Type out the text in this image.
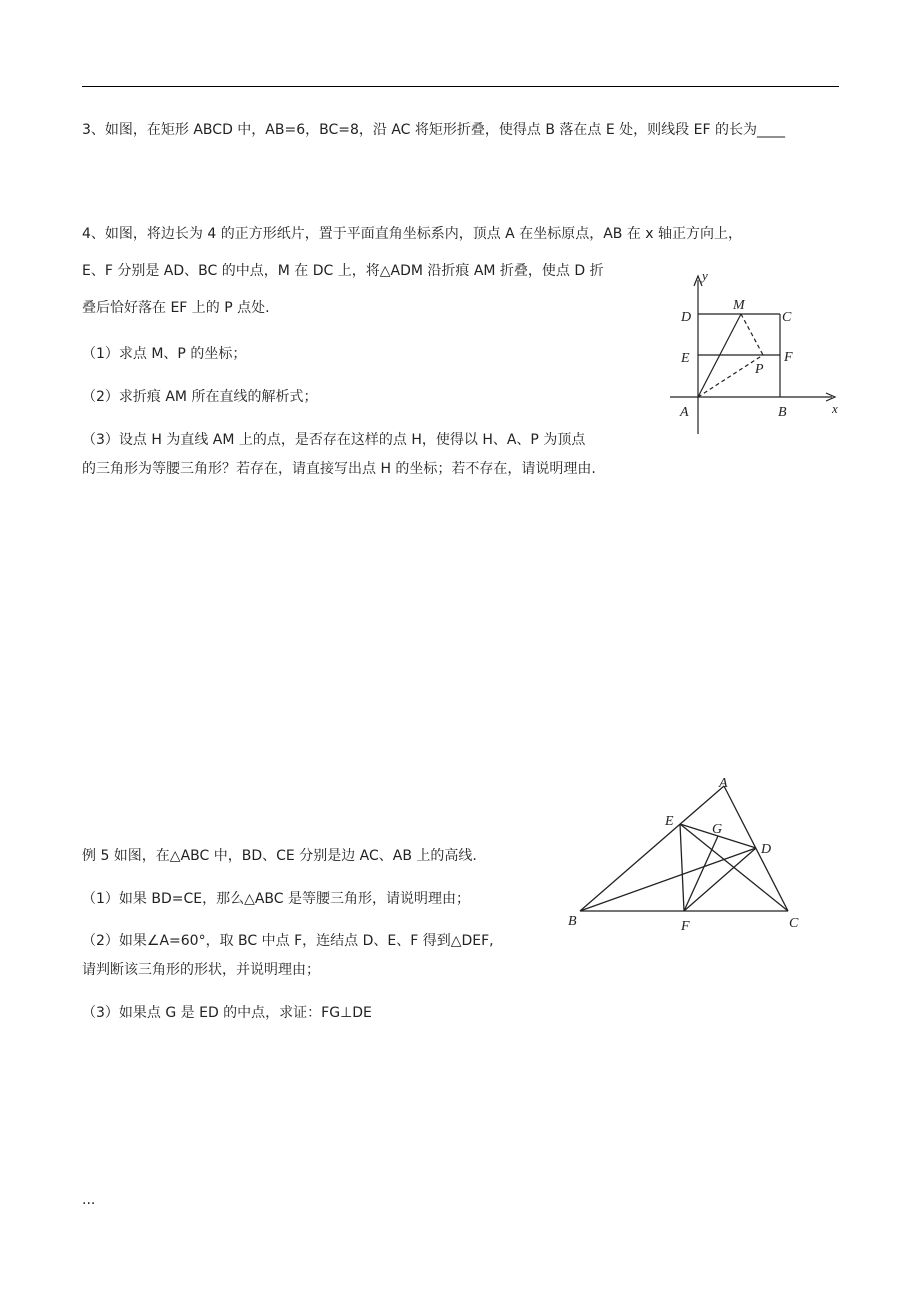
3、如图，在矩形 ABCD 中，AB=6，BC=8，沿 AC 将矩形折叠，使得点 B 落在点 E 处，则线段 EF 的长为____
4、如图，将边长为 4 的正方形纸片，置于平面直角坐标系内，顶点 A 在坐标原点，AB 在 x 轴正方向上，
E、F 分别是 AD、BC 的中点，M 在 DC 上，将△ADM 沿折痕 AM 折叠，使点 D 折
叠后恰好落在 EF 上的 P 点处.
（1）求点 M、P 的坐标；
（2）求折痕 AM 所在直线的解析式；
（3）设点 H 为直线 AM 上的点，是否存在这样的点 H，使得以 H、A、P 为顶点
的三角形为等腰三角形？若存在，请直接写出点 H 的坐标；若不存在，请说明理由.
y
x
D
M
C
E	F
P
A	B
例 5 如图，在△ABC 中，BD、CE 分别是边 AC、AB 上的高线.
（1）如果 BD=CE，那么△ABC 是等腰三角形，请说明理由；
（2）如果∠A=60°，取 BC 中点 F，连结点 D、E、F 得到△DEF,
请判断该三角形的形状，并说明理由；
（3）如果点 G 是 ED 的中点，求证：FG⊥DE
A
E
G
D
B	F	C
...
